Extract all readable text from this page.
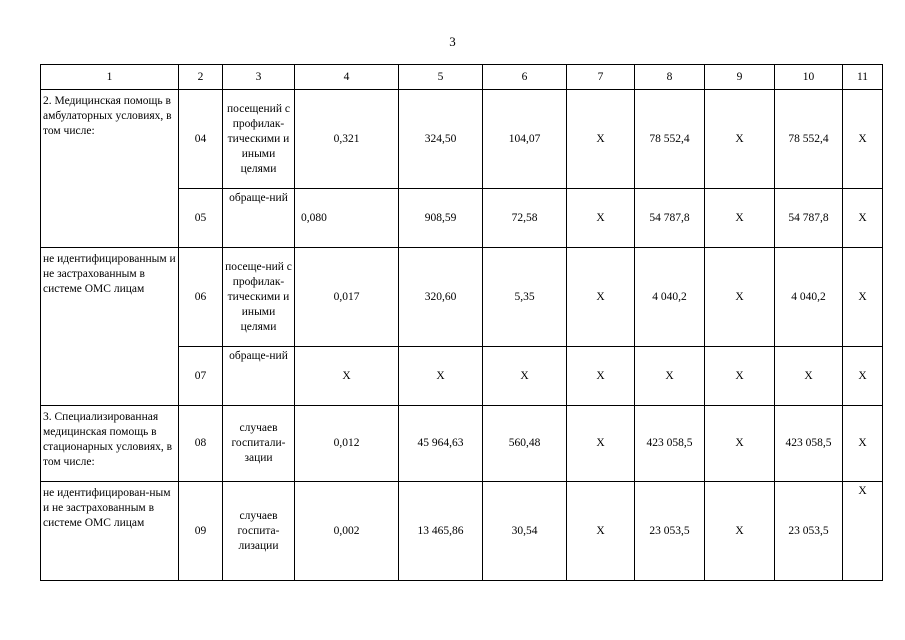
3
1	2	3	4	5	6	7	8	9	10	11
2. Медицинская помощь в амбулаторных условиях, в том числе:	04	посещений с профилак-тическими и иными целями	0,321	324,50	104,07	X	78 552,4	X	78 552,4	X
	05	обраще-ний	0,080	908,59	72,58	X	54 787,8	X	54 787,8	X
не идентифицированным и не застрахованным в системе ОМС лицам	06	посеще-ний с профилак-тическими и иными целями	0,017	320,60	5,35	X	4 040,2	X	4 040,2	X
	07	обраще-ний	X	X	X	X	X	X	X	X
3. Специализированная медицинская помощь в стационарных условиях, в том числе:	08	случаев госпитали-зации	0,012	45 964,63	560,48	X	423 058,5	X	423 058,5	X
не идентифицирован-ным и не застрахованным в системе ОМС лицам	09	случаев госпита-лизации	0,002	13 465,86	30,54	X	23 053,5	X	23 053,5	X
